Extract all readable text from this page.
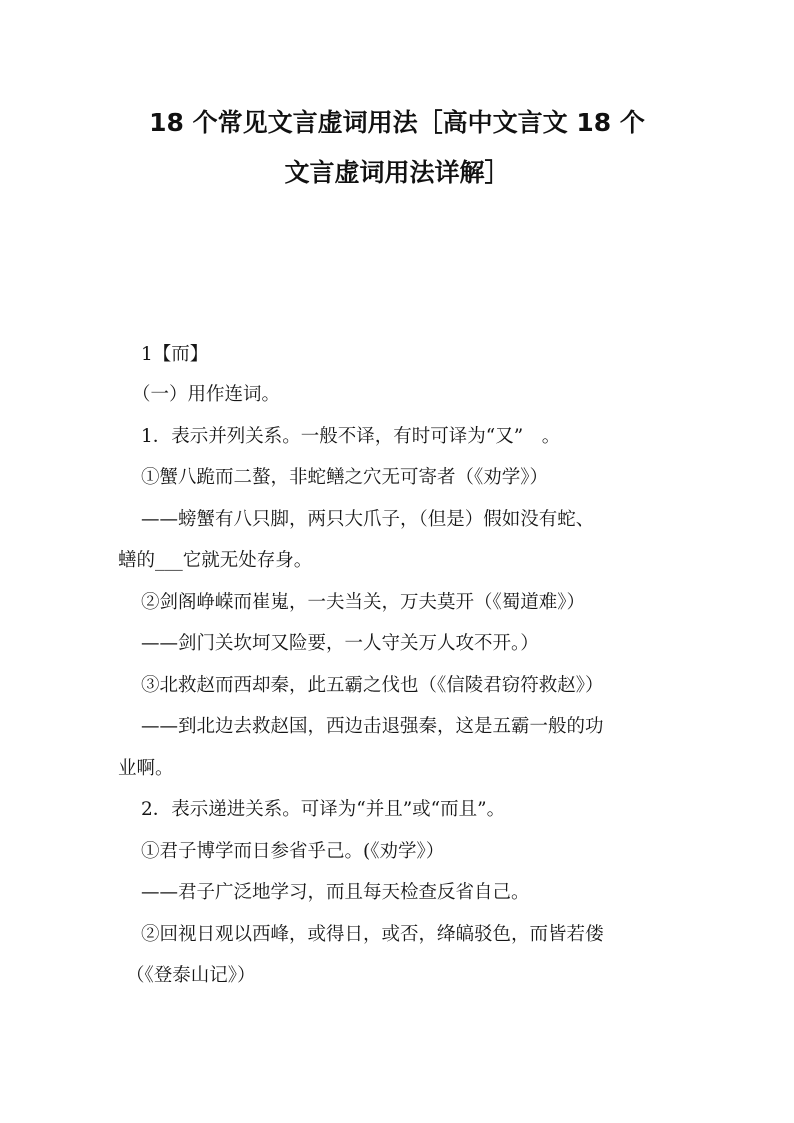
18 个常见文言虚词用法［高中文言文 18 个
文言虚词用法详解］
1【而】
（一）用作连词。
1．表示并列关系。一般不译，有时可译为“又”　。
①蟹八跪而二螯，非蛇鳝之穴无可寄者（《劝学》）
——螃蟹有八只脚，两只大爪子，（但是）假如没有蛇、
蟮的___它就无处存身。
②剑阁峥嵘而崔嵬，一夫当关，万夫莫开（《蜀道难》）
——剑门关坎坷又险要，一人守关万人攻不开。）
③北救赵而西却秦，此五霸之伐也（《信陵君窃符救赵》）
——到北边去救赵国，西边击退强秦，这是五霸一般的功
业啊。
2．表示递进关系。可译为“并且”或“而且”。
①君子博学而日参省乎己。(《劝学》）
——君子广泛地学习，而且每天检查反省自己。
②回视日观以西峰，或得日，或否，绛皜驳色，而皆若偻
（《登泰山记》）
